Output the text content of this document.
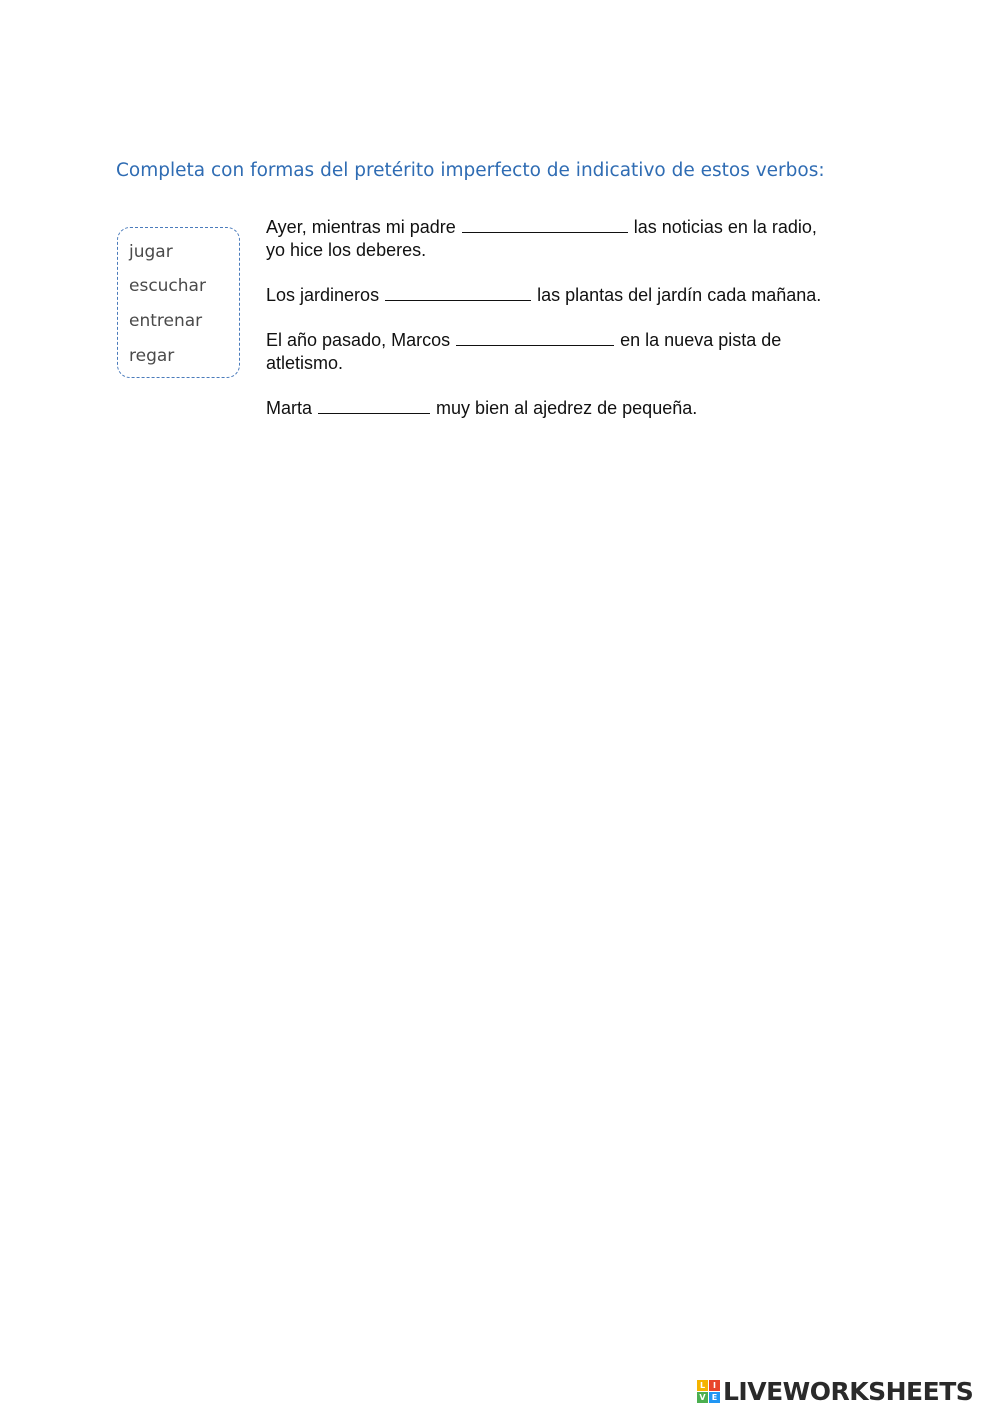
Completa con formas del pretérito imperfecto de indicativo de estos verbos:
jugar
escuchar
entrenar
regar
Ayer, mientras mi padre	las noticias en la radio,
yo hice los deberes.
Los jardineros	las plantas del jardín cada mañana.
El año pasado, Marcos	en la nueva pista de
atletismo.
Marta	muy bien al ajedrez de pequeña.
L I
V E LIVEWORKSHEETS
